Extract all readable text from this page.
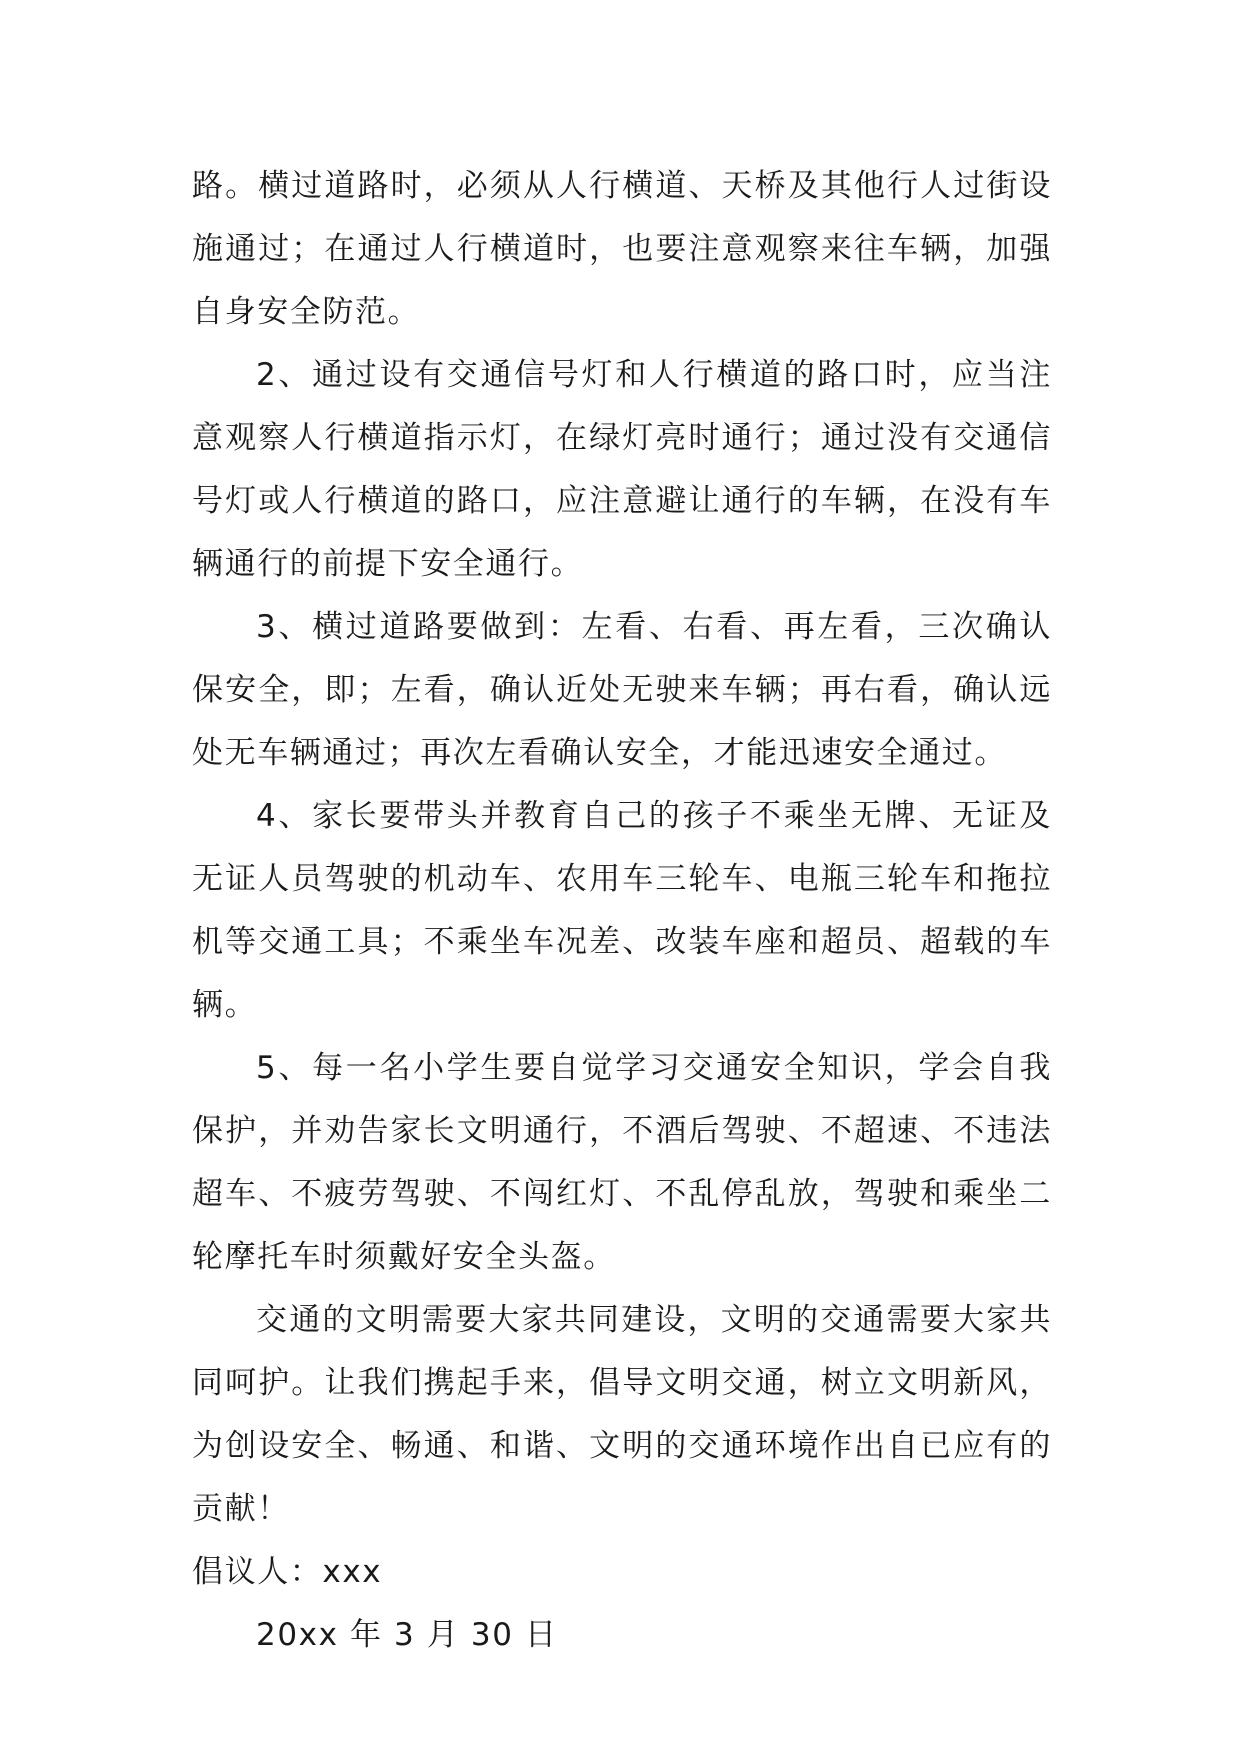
路。横过道路时，必须从人行横道、天桥及其他行人过街设施通过；在通过人行横道时，也要注意观察来往车辆，加强自身安全防范。

2、通过设有交通信号灯和人行横道的路口时，应当注意观察人行横道指示灯，在绿灯亮时通行；通过没有交通信号灯或人行横道的路口，应注意避让通行的车辆，在没有车辆通行的前提下安全通行。

3、横过道路要做到：左看、右看、再左看，三次确认保安全，即；左看，确认近处无驶来车辆；再右看，确认远处无车辆通过；再次左看确认安全，才能迅速安全通过。

4、家长要带头并教育自己的孩子不乘坐无牌、无证及无证人员驾驶的机动车、农用车三轮车、电瓶三轮车和拖拉机等交通工具；不乘坐车况差、改装车座和超员、超载的车辆。

5、每一名小学生要自觉学习交通安全知识，学会自我保护，并劝告家长文明通行，不酒后驾驶、不超速、不违法超车、不疲劳驾驶、不闯红灯、不乱停乱放，驾驶和乘坐二轮摩托车时须戴好安全头盔。

交通的文明需要大家共同建设，文明的交通需要大家共同呵护。让我们携起手来，倡导文明交通，树立文明新风，为创设安全、畅通、和谐、文明的交通环境作出自已应有的贡献！

倡议人：xxx

20xx 年 3 月 30 日
